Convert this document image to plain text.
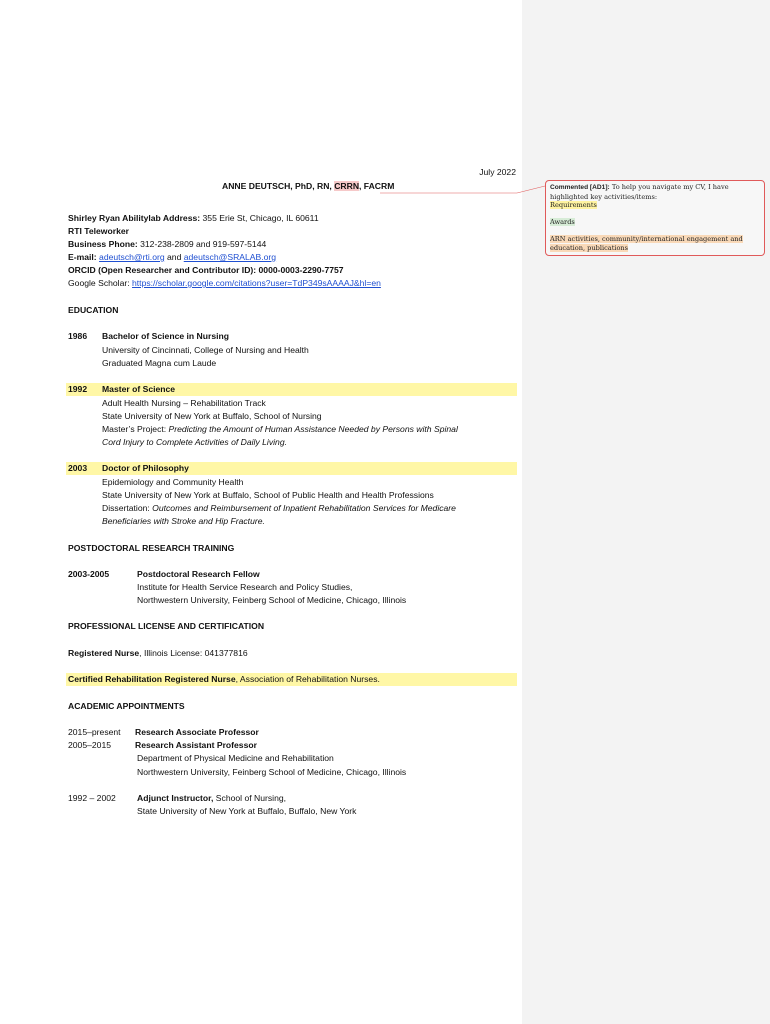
July 2022
ANNE DEUTSCH, PhD, RN, CRRN, FACRM
Shirley Ryan Abilitylab Address: 355 Erie St, Chicago, IL 60611
RTI Teleworker
Business Phone: 312-238-2809 and 919-597-5144
E-mail: adeutsch@rti.org and adeutsch@SRALAB.org
ORCID (Open Researcher and Contributor ID): 0000-0003-2290-7757
Google Scholar: https://scholar.google.com/citations?user=TdP349sAAAAJ&hl=en
EDUCATION
1986 Bachelor of Science in Nursing
University of Cincinnati, College of Nursing and Health
Graduated Magna cum Laude
1992 Master of Science
Adult Health Nursing – Rehabilitation Track
State University of New York at Buffalo, School of Nursing
Master’s Project: Predicting the Amount of Human Assistance Needed by Persons with Spinal
Cord Injury to Complete Activities of Daily Living.
2003 Doctor of Philosophy
Epidemiology and Community Health
State University of New York at Buffalo, School of Public Health and Health Professions
Dissertation: Outcomes and Reimbursement of Inpatient Rehabilitation Services for Medicare
Beneficiaries with Stroke and Hip Fracture.
POSTDOCTORAL RESEARCH TRAINING
2003-2005	Postdoctoral Research Fellow
Institute for Health Service Research and Policy Studies,
Northwestern University, Feinberg School of Medicine, Chicago, Illinois
PROFESSIONAL LICENSE AND CERTIFICATION
Registered Nurse, Illinois License: 041377816
Certified Rehabilitation Registered Nurse, Association of Rehabilitation Nurses.
ACADEMIC APPOINTMENTS
2015–present Research Associate Professor
2005–2015	Research Assistant Professor
Department of Physical Medicine and Rehabilitation
Northwestern University, Feinberg School of Medicine, Chicago, Illinois
1992 – 2002 Adjunct Instructor, School of Nursing,
State University of New York at Buffalo, Buffalo, New York
Commented [AD1]: To help you navigate my CV, I have highlighted key activities/items:
Requirements

Awards

ARN activities, community/international engagement and education, publications
